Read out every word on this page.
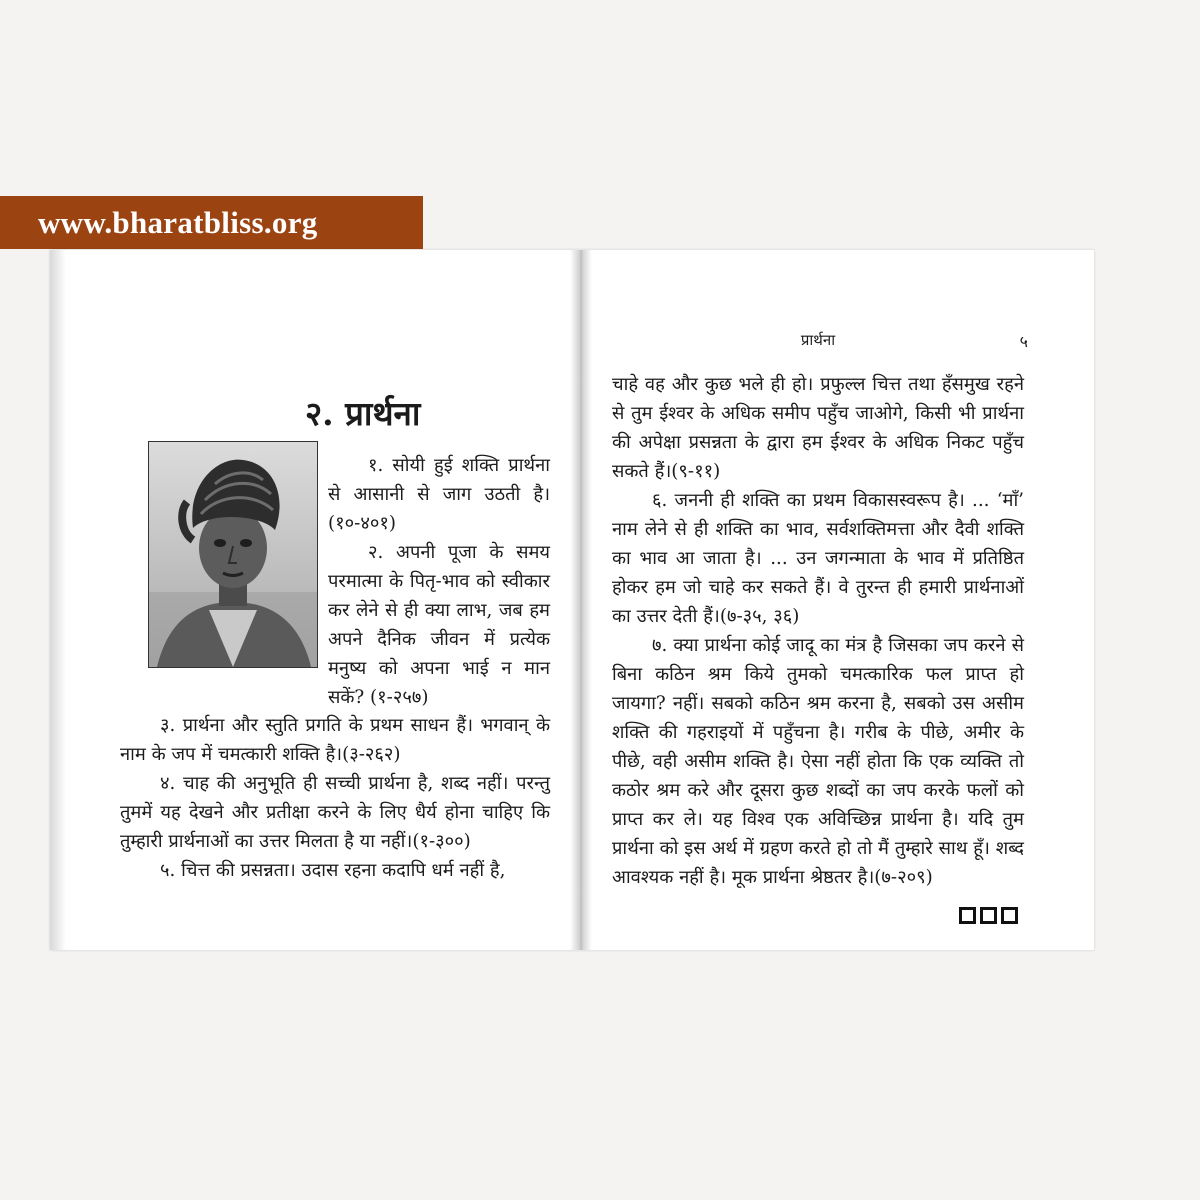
www.bharatbliss.org
२. प्रार्थना

१. सोयी हुई शक्ति प्रार्थना से आसानी से जाग उठती है।(१०-४०१)

२. अपनी पूजा के समय परमात्मा के पितृ-भाव को स्वीकार कर लेने से ही क्या लाभ, जब हम अपने दैनिक जीवन में प्रत्येक मनुष्य को अपना भाई न मान सकें? (१-२५७)

३. प्रार्थना और स्तुति प्रगति के प्रथम साधन हैं। भगवान् के नाम के जप में चमत्कारी शक्ति है।(३-२६२)

४. चाह की अनुभूति ही सच्ची प्रार्थना है, शब्द नहीं। परन्तु तुममें यह देखने और प्रतीक्षा करने के लिए धैर्य होना चाहिए कि तुम्हारी प्रार्थनाओं का उत्तर मिलता है या नहीं।(१-३००)

५. चित्त की प्रसन्नता। उदास रहना कदापि धर्म नहीं है,

प्रार्थना	५

चाहे वह और कुछ भले ही हो। प्रफुल्ल चित्त तथा हँसमुख रहने से तुम ईश्वर के अधिक समीप पहुँच जाओगे, किसी भी प्रार्थना की अपेक्षा प्रसन्नता के द्वारा हम ईश्वर के अधिक निकट पहुँच सकते हैं।(९-११)

६. जननी ही शक्ति का प्रथम विकासस्वरूप है। ... ‘माँ’ नाम लेने से ही शक्ति का भाव, सर्वशक्तिमत्ता और दैवी शक्ति का भाव आ जाता है। ... उन जगन्माता के भाव में प्रतिष्ठित होकर हम जो चाहे कर सकते हैं। वे तुरन्त ही हमारी प्रार्थनाओं का उत्तर देती हैं।(७-३५, ३६)

७. क्या प्रार्थना कोई जादू का मंत्र है जिसका जप करने से बिना कठिन श्रम किये तुमको चमत्कारिक फल प्राप्त हो जायगा? नहीं। सबको कठिन श्रम करना है, सबको उस असीम शक्ति की गहराइयों में पहुँचना है। गरीब के पीछे, अमीर के पीछे, वही असीम शक्ति है। ऐसा नहीं होता कि एक व्यक्ति तो कठोर श्रम करे और दूसरा कुछ शब्दों का जप करके फलों को प्राप्त कर ले। यह विश्व एक अविच्छिन्न प्रार्थना है। यदि तुम प्रार्थना को इस अर्थ में ग्रहण करते हो तो मैं तुम्हारे साथ हूँ। शब्द आवश्यक नहीं है। मूक प्रार्थना श्रेष्ठतर है।(७-२०९)
